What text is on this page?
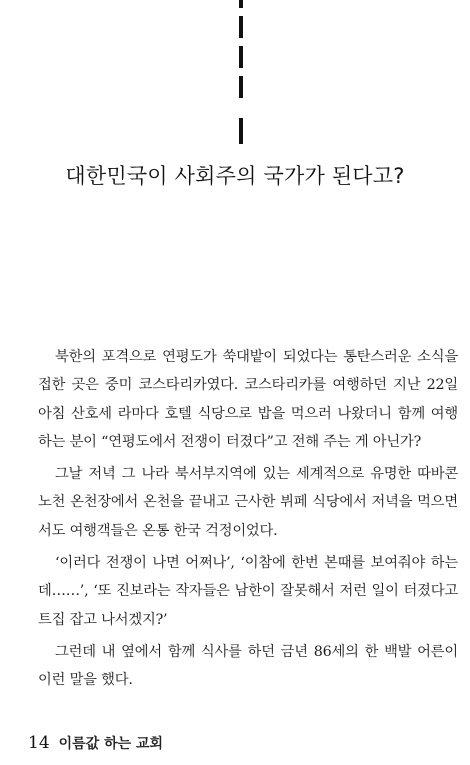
대한민국이 사회주의 국가가 된다고?

북한의 포격으로 연평도가 쑥대밭이 되었다는 통탄스러운 소식을 접한 곳은 중미 코스타리카였다. 코스타리카를 여행하던 지난 22일 아침 산호세 라마다 호텔 식당으로 밥을 먹으러 나왔더니 함께 여행하는 분이 “연평도에서 전쟁이 터졌다”고 전해 주는 게 아닌가?

그날 저녁 그 나라 북서부지역에 있는 세계적으로 유명한 따바콘 노천 온천장에서 온천을 끝내고 근사한 뷔페 식당에서 저녁을 먹으면서도 여행객들은 온통 한국 걱정이었다.

‘이러다 전쟁이 나면 어쩌나’, ‘이참에 한번 본때를 보여줘야 하는데……’, ‘또 진보라는 작자들은 남한이 잘못해서 저런 일이 터졌다고 트집 잡고 나서겠지?’

그런데 내 옆에서 함께 식사를 하던 금년 86세의 한 백발 어른이 이런 말을 했다.

14 이름값 하는 교회
